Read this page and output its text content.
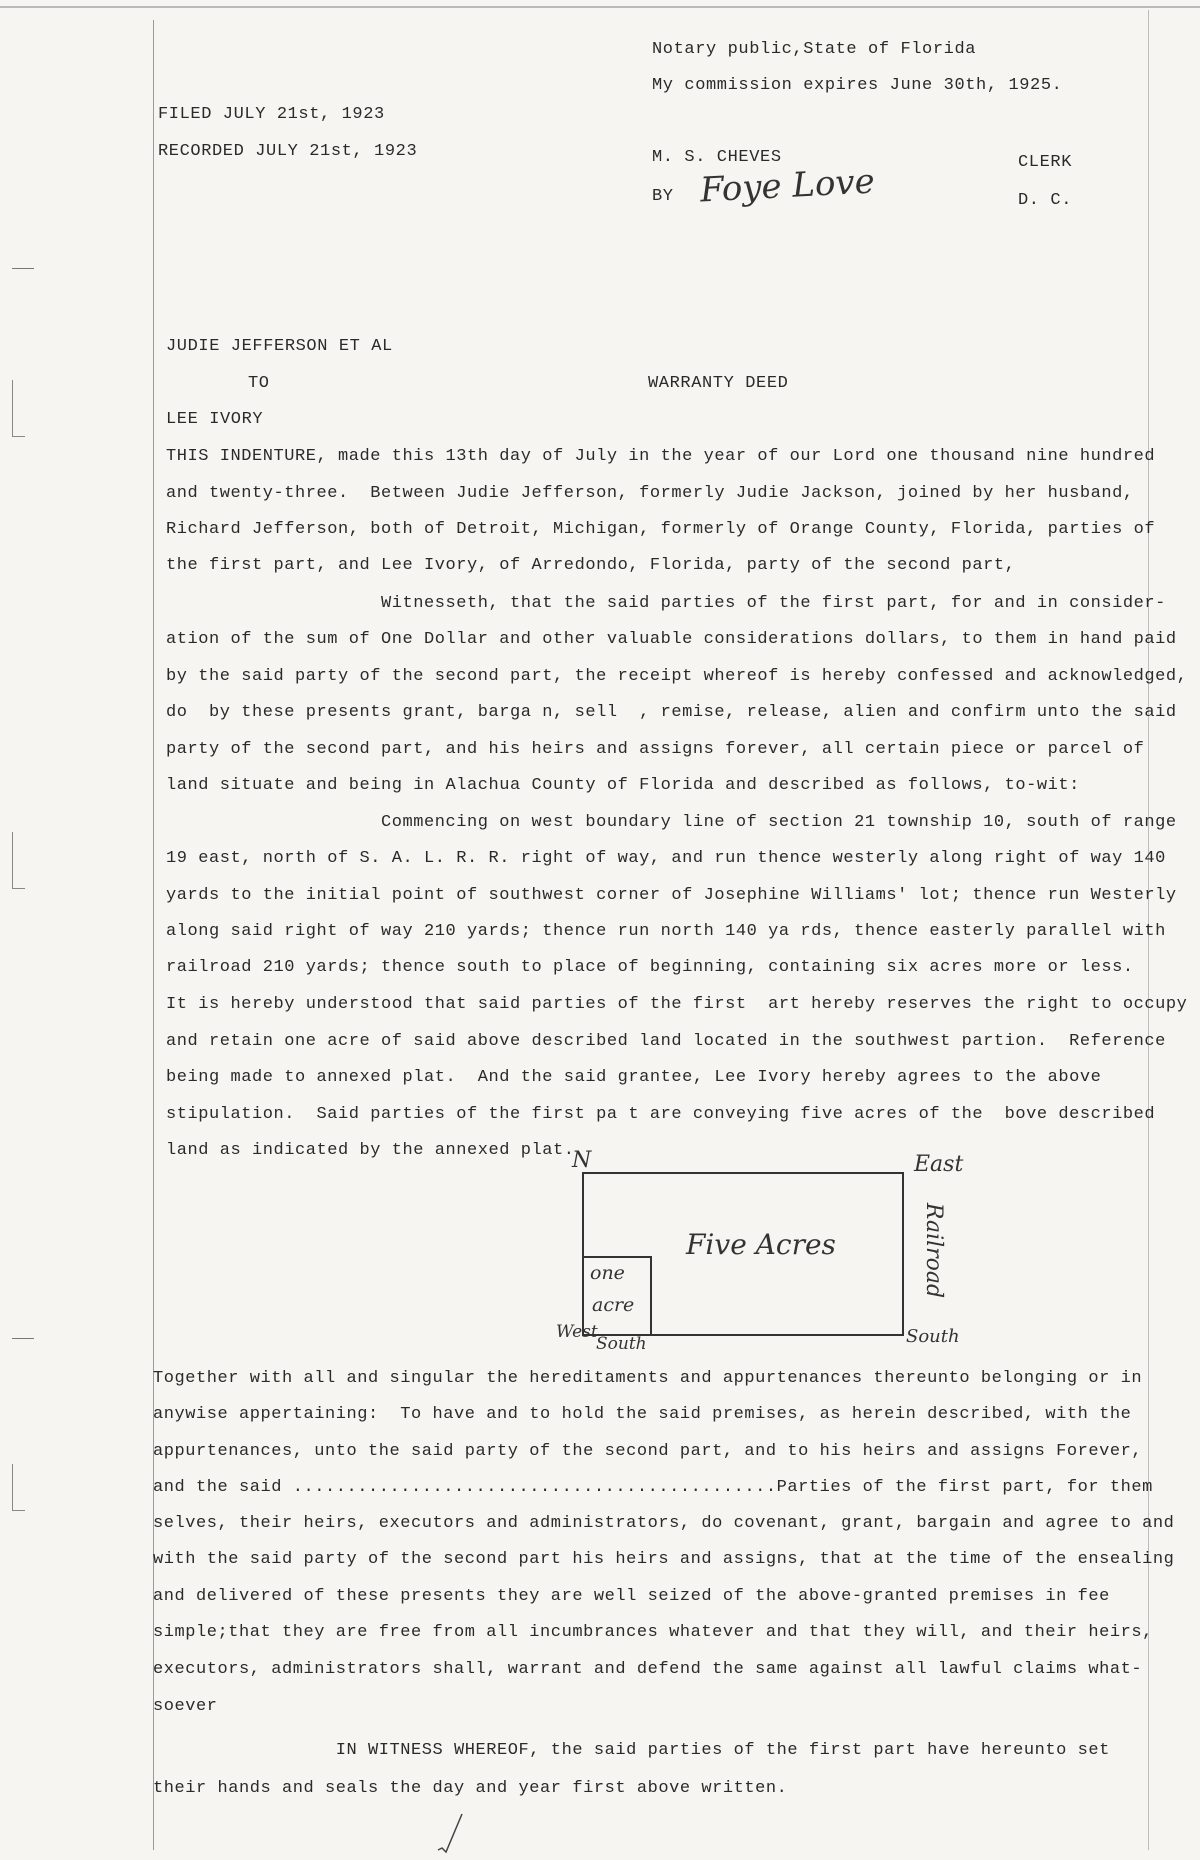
Notary public,State of Florida
My commission expires June 30th, 1925.
FILED JULY 21st, 1923
RECORDED JULY 21st, 1923	M. S. CHEVES	CLERK
BY Foye Love	D. C.
JUDIE JEFFERSON ET AL
TO	WARRANTY DEED
LEE IVORY
THIS INDENTURE, made this 13th day of July in the year of our Lord one thousand nine hundred
and twenty-three.  Between Judie Jefferson, formerly Judie Jackson, joined by her husband,
Richard Jefferson, both of Detroit, Michigan, formerly of Orange County, Florida, parties of
the first part, and Lee Ivory, of Arredondo, Florida, party of the second part,
Witnesseth, that the said parties of the first part, for and in consider-
ation of the sum of One Dollar and other valuable considerations dollars, to them in hand paid
by the said party of the second part, the receipt whereof is hereby confessed and acknowledged,
do  by these presents grant, barga n, sell  , remise, release, alien and confirm unto the said
party of the second part, and his heirs and assigns forever, all certain piece or parcel of
land situate and being in Alachua County of Florida and described as follows, to-wit:
Commencing on west boundary line of section 21 township 10, south of range
19 east, north of S. A. L. R. R. right of way, and run thence westerly along right of way 140
yards to the initial point of southwest corner of Josephine Williams' lot; thence run Westerly
along said right of way 210 yards; thence run north 140 ya rds, thence easterly parallel with
railroad 210 yards; thence south to place of beginning, containing six acres more or less.
It is hereby understood that said parties of the first  art hereby reserves the right to occupy
and retain one acre of said above described land located in the southwest partion.  Reference
being made to annexed plat.  And the said grantee, Lee Ivory hereby agrees to the above
stipulation.  Said parties of the first pa t are conveying five acres of the  bove described
land as indicated by the annexed plat.
N	East
Railroad
Five Acres
one
acre
West
South	South
Together with all and singular the hereditaments and appurtenances thereunto belonging or in
anywise appertaining:  To have and to hold the said premises, as herein described, with the
appurtenances, unto the said party of the second part, and to his heirs and assigns Forever,
and the said .............................................Parties of the first part, for them
selves, their heirs, executors and administrators, do covenant, grant, bargain and agree to and
with the said party of the second part his heirs and assigns, that at the time of the ensealing
and delivered of these presents they are well seized of the above-granted premises in fee
simple;that they are free from all incumbrances whatever and that they will, and their heirs,
executors, administrators shall, warrant and defend the same against all lawful claims what-
soever
IN WITNESS WHEREOF, the said parties of the first part have hereunto set
their hands and seals the day and year first above written.
